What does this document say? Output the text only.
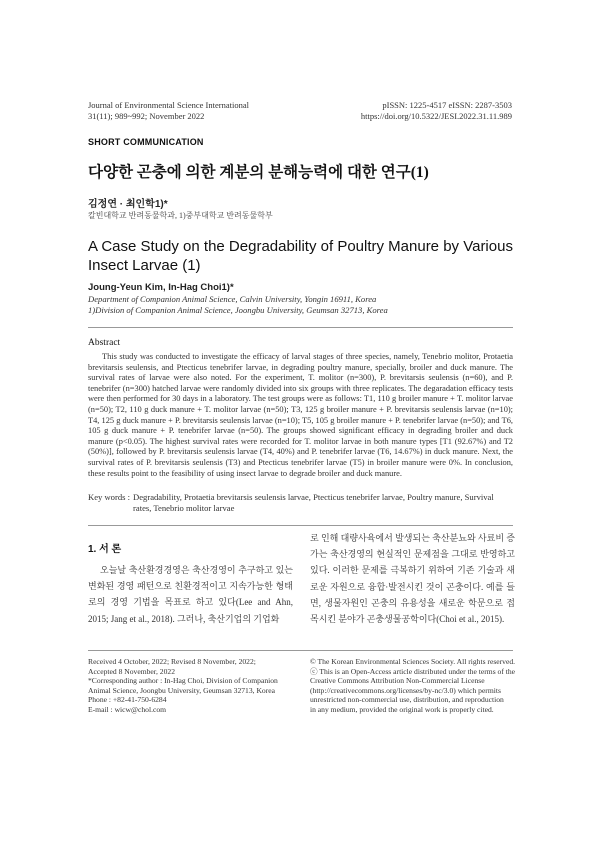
Journal of Environmental Science International
31(11); 989~992; November 2022
pISSN: 1225-4517 eISSN: 2287-3503
https://doi.org/10.5322/JESI.2022.31.11.989
SHORT COMMUNICATION
다양한 곤충에 의한 계분의 분해능력에 대한 연구(1)
김정연 · 최인학1)*
칼빈대학교 반려동물학과, 1)중부대학교 반려동물학부
A Case Study on the Degradability of Poultry Manure by Various Insect Larvae (1)
Joung-Yeun Kim, In-Hag Choi1)*
Department of Companion Animal Science, Calvin University, Yongin 16911, Korea
1)Division of Companion Animal Science, Joongbu University, Geumsan 32713, Korea
Abstract

This study was conducted to investigate the efficacy of larval stages of three species, namely, Tenebrio molitor, Protaetia brevitarsis seulensis, and Ptecticus tenebrifer larvae, in degrading poultry manure, specially, broiler and duck manure. The survival rates of larvae were also noted. For the experiment, T. molitor (n=300), P. brevitarsis seulensis (n=60), and P. tenebrifer (n=300) hatched larvae were randomly divided into six groups with three replicates. The degaradation efficacy tests were then performed for 30 days in a laboratory. The test groups were as follows: T1, 110 g broiler manure + T. molitor larvae (n=50); T2, 110 g duck manure + T. molitor larvae (n=50); T3, 125 g broiler manure + P. brevitarsis seulensis larvae (n=10); T4, 125 g duck manure + P. brevitarsis seulensis larvae (n=10); T5, 105 g broiler manure + P. tenebrifer larvae (n=50); and T6, 105 g duck manure + P. tenebrifer larvae (n=50). The groups showed significant efficacy in degrading broiler and duck manure (p<0.05). The highest survival rates were recorded for T. molitor larvae in both manure types [T1 (92.67%) and T2 (50%)], followed by P. brevitarsis seulensis larvae (T4, 40%) and P. tenebrifer larvae (T6, 14.67%) in duck manure. Next, the survival rates of P. brevitarsis seulensis (T3) and Ptecticus tenebrifer larvae (T5) in broiler manure were 0%. In conclusion, these results point to the feasibility of using insect larvae to degrade broiler and duck manure.

Key words : Degradability, Protaetia brevitarsis seulensis larvae, Ptecticus tenebrifer larvae, Poultry manure, Survival rates, Tenebrio molitor larvae
1. 서 론

오늘날 축산환경경영은 축산경영이 추구하고 있는 변화된 경영 패턴으로 친환경적이고 지속가능한 형태로의 경영 기법을 목표로 하고 있다(Lee and Ahn, 2015; Jang et al., 2018). 그러나, 축산기업의 기업화

로 인해 대량사육에서 발생되는 축산분뇨와 사료비 증가는 축산경영의 현실적인 문제점을 그대로 반영하고 있다. 이러한 문제를 극복하기 위하여 기존 기술과 새로운 자원으로 융합·발전시킨 것이 곤충이다. 예를 들면, 생물자원인 곤충의 유용성을 새로운 학문으로 접목시킨 분야가 곤충생물공학이다(Choi et al., 2015).

Received 4 October, 2022; Revised 8 November, 2022;
Accepted 8 November, 2022
*Corresponding author : In-Hag Choi, Division of Companion
Animal Science, Joongbu University, Geumsan 32713, Korea
Phone : +82-41-750-6284
E-mail : wicw@chol.com
© The Korean Environmental Sciences Society. All rights reserved.
ⓒ This is an Open-Access article distributed under the terms of the
Creative Commons Attribution Non-Commercial License
(http://creativecommons.org/licenses/by-nc/3.0) which permits
unrestricted non-commercial use, distribution, and reproduction
in any medium, provided the original work is properly cited.
